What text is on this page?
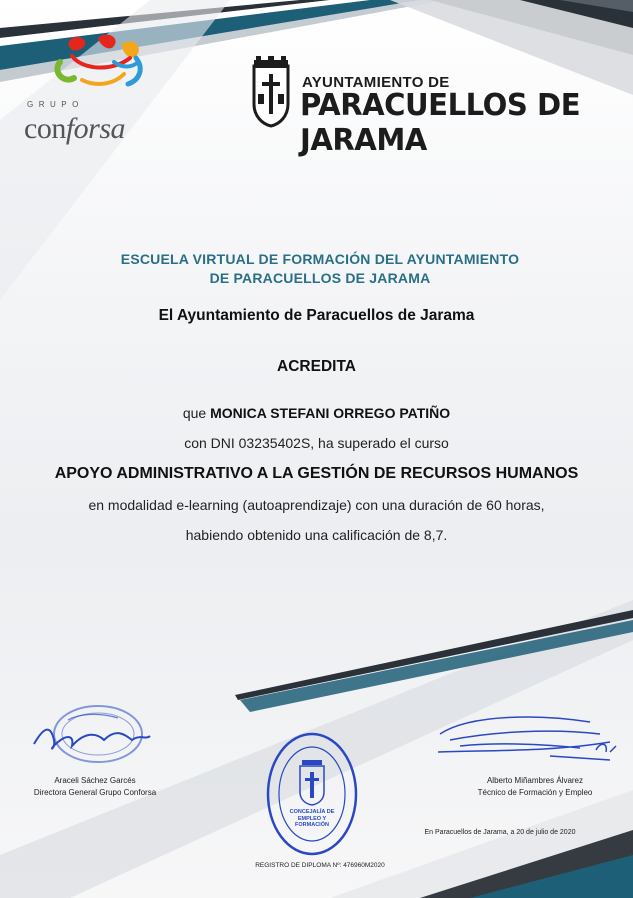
GRUPO
conforsa
AYUNTAMIENTO DE
PARACUELLOS DE JARAMA
ESCUELA VIRTUAL DE FORMACIÓN DEL AYUNTAMIENTO
DE PARACUELLOS DE JARAMA
El Ayuntamiento de Paracuellos de Jarama
ACREDITA
que MONICA STEFANI ORREGO PATIÑO
con DNI 03235402S, ha superado el curso
APOYO ADMINISTRATIVO A LA GESTIÓN DE RECURSOS HUMANOS
en modalidad e-learning (autoaprendizaje) con una duración de 60 horas,
habiendo obtenido una calificación de 8,7.
Araceli Sáchez Garcés
Directora General Grupo Conforsa
CONCEJALÍA DE
EMPLEO Y
FORMACIÓN
Alberto Miñambres Álvarez
Técnico de Formación y Empleo
En Paracuellos de Jarama, a 20 de julio de 2020
REGISTRO DE DIPLOMA Nº: 476960M2020
